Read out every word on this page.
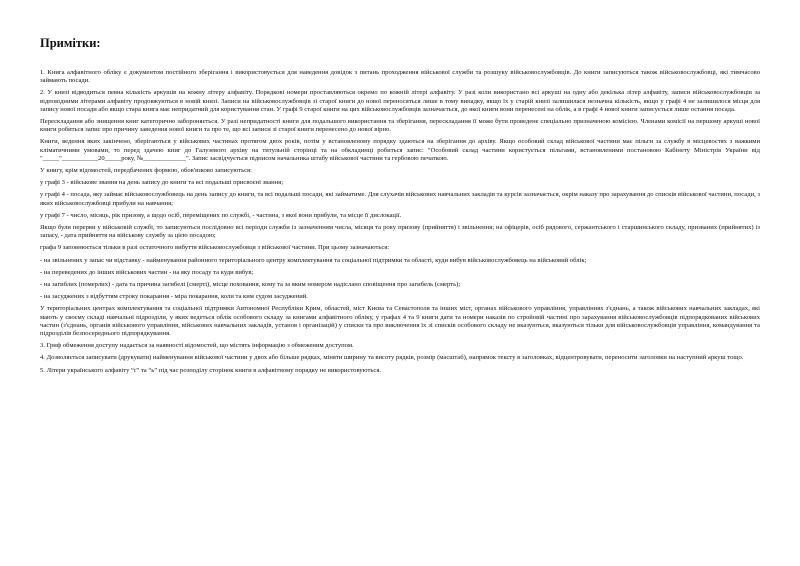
Примітки:

1. Книга алфавітного обліку є документом постійного зберігання і використовується для наведення довідок з питань проходження військової служби та розшуку військовослужбовців. До книги записуються також військовослужбовці, які тимчасово займають посади.

2. У книзі відводиться певна кількість аркушів на кожну літеру алфавіту. Порядкові номери проставляються окремо по кожній літері алфавіту. У разі коли використано всі аркуші на одну або декілька літер алфавіту, записи військовослужбовців за відповідними літерами алфавіту продовжуються в новій книзі. Записи на військовослужбовців зі старої книги до нової переносяться лише в тому випадку, якщо їх у старій книзі залишилася незначна кількість, якщо у графі 4 не залишилося місця для запису нової посади або якщо стара книга має непридатний для користування стан. У графі 9 старої книги на цих військовослужбовців зазначається, до якої книги вони перенесені на облік, а в графі 4 нової книги записується лише остання посада.

Перескладання або знищення книг категорично забороняється. У разі непридатності книги для подальшого використання та зберігання, перескладання її може бути проведене спеціально призначеною комісією. Членами комісії на першому аркуші нової книги робиться запис про причину заведення нової книги та про те, що всі записи зі старої книги перенесено до нової вірно.

Книги, ведення яких закінчено, зберігаються у військових частинах протягом двох років, потім у встановленому порядку здаються на зберігання до архіву. Якщо особовий склад військової частини має пільги за службу в місцевостях з важкими кліматичними умовами, то перед здачею книг до Галузевого архіву на титульній сторінці та на обкладинці робиться запис: "Особовий склад частини користується пільгами, встановленими постановою Кабінету Міністрів України від "_____"___________20_____року, №_____________". Запис засвідчується підписом начальника штабу військової частини та гербовою печаткою.

У книгу, крім відомостей, передбачених формою, обов'язково записуються:

у графі 3 - військове звання на день запису до книги та всі подальші присвоєні звання;

у графі 4 - посада, яку займає військовослужбовець на день запису до книги, та всі подальші посади, які займатиме. Для слухачів військових навчальних закладів та курсів зазначається, окрім наказу про зарахування до списків військової частини, посади, з яких військовослужбовці прибули на навчання;

у графі 7 - число, місяць, рік призову, а щодо осіб, переміщених по службі, - частина, з якої вони прибули, та місце її дислокації.

Якщо були перерви у військовій службі, то записуються послідовно всі періоди служби із зазначенням числа, місяця та року призову (прийняття) і звільнення; на офіцерів, осіб рядового, сержантського і старшинського складу, призваних (прийнятих) із запасу, - дата прийняття на військову службу за цією посадою;

графа 9 заповнюється тільки в разі остаточного вибуття військовослужбовця з військової частини. При цьому зазначаються:

- на звільнених у запас чи відставку - найменування районного територіального центру комплектування та соціальної підтримки та області, куди вибув військовослужбовець на військовий облік;

- на переведених до інших військових частин - на яку посаду та куди вибув;

- на загиблих (померлих) - дата та причина загибелі (смерті), місце поховання, кому та за яким номером надіслано сповіщення про загибель (смерть);

- на засуджених з відбуттям строку покарання - міра покарання, коли та ким судом засуджений.

У територіальних центрах комплектування та соціальної підтримки Автономної Республіки Крим, областей, міст Києва та Севастополя та інших міст, органах військового управління, управліннях з'єднань, а також військових навчальних закладах, які мають у своєму складі навчальні підрозділи, у яких ведеться облік особового складу за книгами алфавітного обліку, у графах 4 та 9 книги дати та номери наказів по стройовій частині про зарахування військовослужбовців підпорядкованих військових частин (з'єднань, органів військового управління, військових навчальних закладів, установ і організацій) у списки та про виключення їх зі списків особового складу не вказуються, вказуються тільки для військовослужбовців управління, командування та підрозділів безпосереднього підпорядкування.

3. Гриф обмеження доступу надається за наявності відомостей, що містять інформацію з обмеженим доступом.

4. Дозволяється записувати (друкувати) найменування військової частини у двох або більше рядках, міняти ширину та висоту рядків, розмір (масштаб), напрямок тексту в заголовках, відцентровувати, переносити заголовки на наступний аркуш тощо.

5. Літери українського алфавіту “ґ” та “ь” під час розподілу сторінок книги в алфавітному порядку не використовуються.
